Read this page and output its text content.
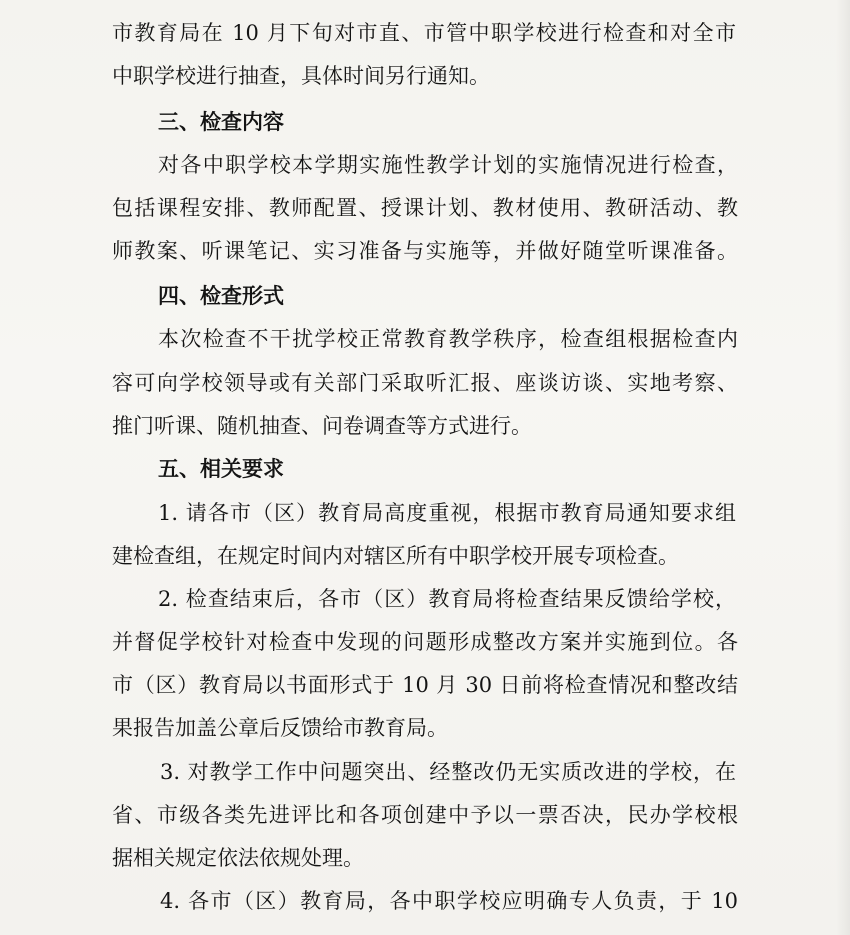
市教育局在 10 月下旬对市直、市管中职学校进行检查和对全市
中职学校进行抽查，具体时间另行通知。
三、检查内容
对各中职学校本学期实施性教学计划的实施情况进行检查，
包括课程安排、教师配置、授课计划、教材使用、教研活动、教
师教案、听课笔记、实习准备与实施等，并做好随堂听课准备。
四、检查形式
本次检查不干扰学校正常教育教学秩序，检查组根据检查内
容可向学校领导或有关部门采取听汇报、座谈访谈、实地考察、
推门听课、随机抽查、问卷调查等方式进行。
五、相关要求
1. 请各市（区）教育局高度重视，根据市教育局通知要求组
建检查组，在规定时间内对辖区所有中职学校开展专项检查。
2. 检查结束后，各市（区）教育局将检查结果反馈给学校，
并督促学校针对检查中发现的问题形成整改方案并实施到位。各
市（区）教育局以书面形式于 10 月 30 日前将检查情况和整改结
果报告加盖公章后反馈给市教育局。
3. 对教学工作中问题突出、经整改仍无实质改进的学校，在
省、市级各类先进评比和各项创建中予以一票否决，民办学校根
据相关规定依法依规处理。
4. 各市（区）教育局，各中职学校应明确专人负责，于 10
